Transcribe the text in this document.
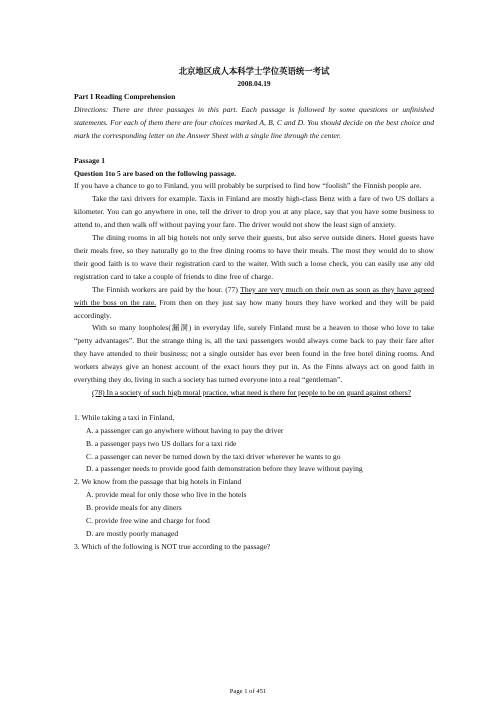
北京地区成人本科学士学位英语统一考试

2008.04.19

Part I Reading Comprehension

Directions: There are three passages in this part. Each passage is followed by some questions or unfinished statements. For each of them there are four choices marked A, B, C and D. You should decide on the best choice and mark the corresponding letter on the Answer Sheet with a single line through the center.

Passage 1

Question 1to 5 are based on the following passage.

If you have a chance to go to Finland, you will probably be surprised to find how “foolish” the Finnish people are.

Take the taxi drivers for example. Taxis in Finland are mostly high-class Benz with a fare of two US dollars a kilometer. You can go anywhere in one, tell the driver to drop you at any place, say that you have some business to attend to, and then walk off without paying your fare. The driver would not show the least sign of anxiety.

The dining rooms in all big hotels not only serve their guests, but also serve outside diners. Hotel guests have their meals free, so they naturally go to the free dining rooms to have their meals. The most they would do to show their good faith is to wave their registration card to the waiter. With such a loose check, you can easily use any old registration card to take a couple of friends to dine free of charge.

The Finnish workers are paid by the hour. (77) They are very much on their own as soon as they have agreed with the boss on the rate. From then on they just say how many hours they have worked and they will be paid accordingly.

With so many loopholes(漏洞) in everyday life, surely Finland must be a heaven to those who love to take “petty advantages”. But the strange thing is, all the taxi passengers would always come back to pay their fare after they have attended to their business; not a single outsider has ever been found in the free hotel dining rooms. And workers always give an honest account of the exact hours they put in. As the Finns always act on good faith in everything they do, living in such a society has turned everyone into a real “gentleman”.

(78) In a society of such high moral practice, what need is there for people to be on guard against others?

1. While taking a taxi in Finland,

A. a passenger can go anywhere without having to pay the driver

B. a passenger pays two US dollars for a taxi ride

C. a passenger can never be turned down by the taxi driver wherever he wants to go

D. a passenger needs to provide good faith demonstration before they leave without paying

2. We know from the passage that big hotels in Finland

A. provide meal for only those who live in the hotels

B. provide meals for any diners

C. provide free wine and charge for food

D. are mostly poorly managed

3. Which of the following is NOT true according to the passage?

Page 1 of 451
